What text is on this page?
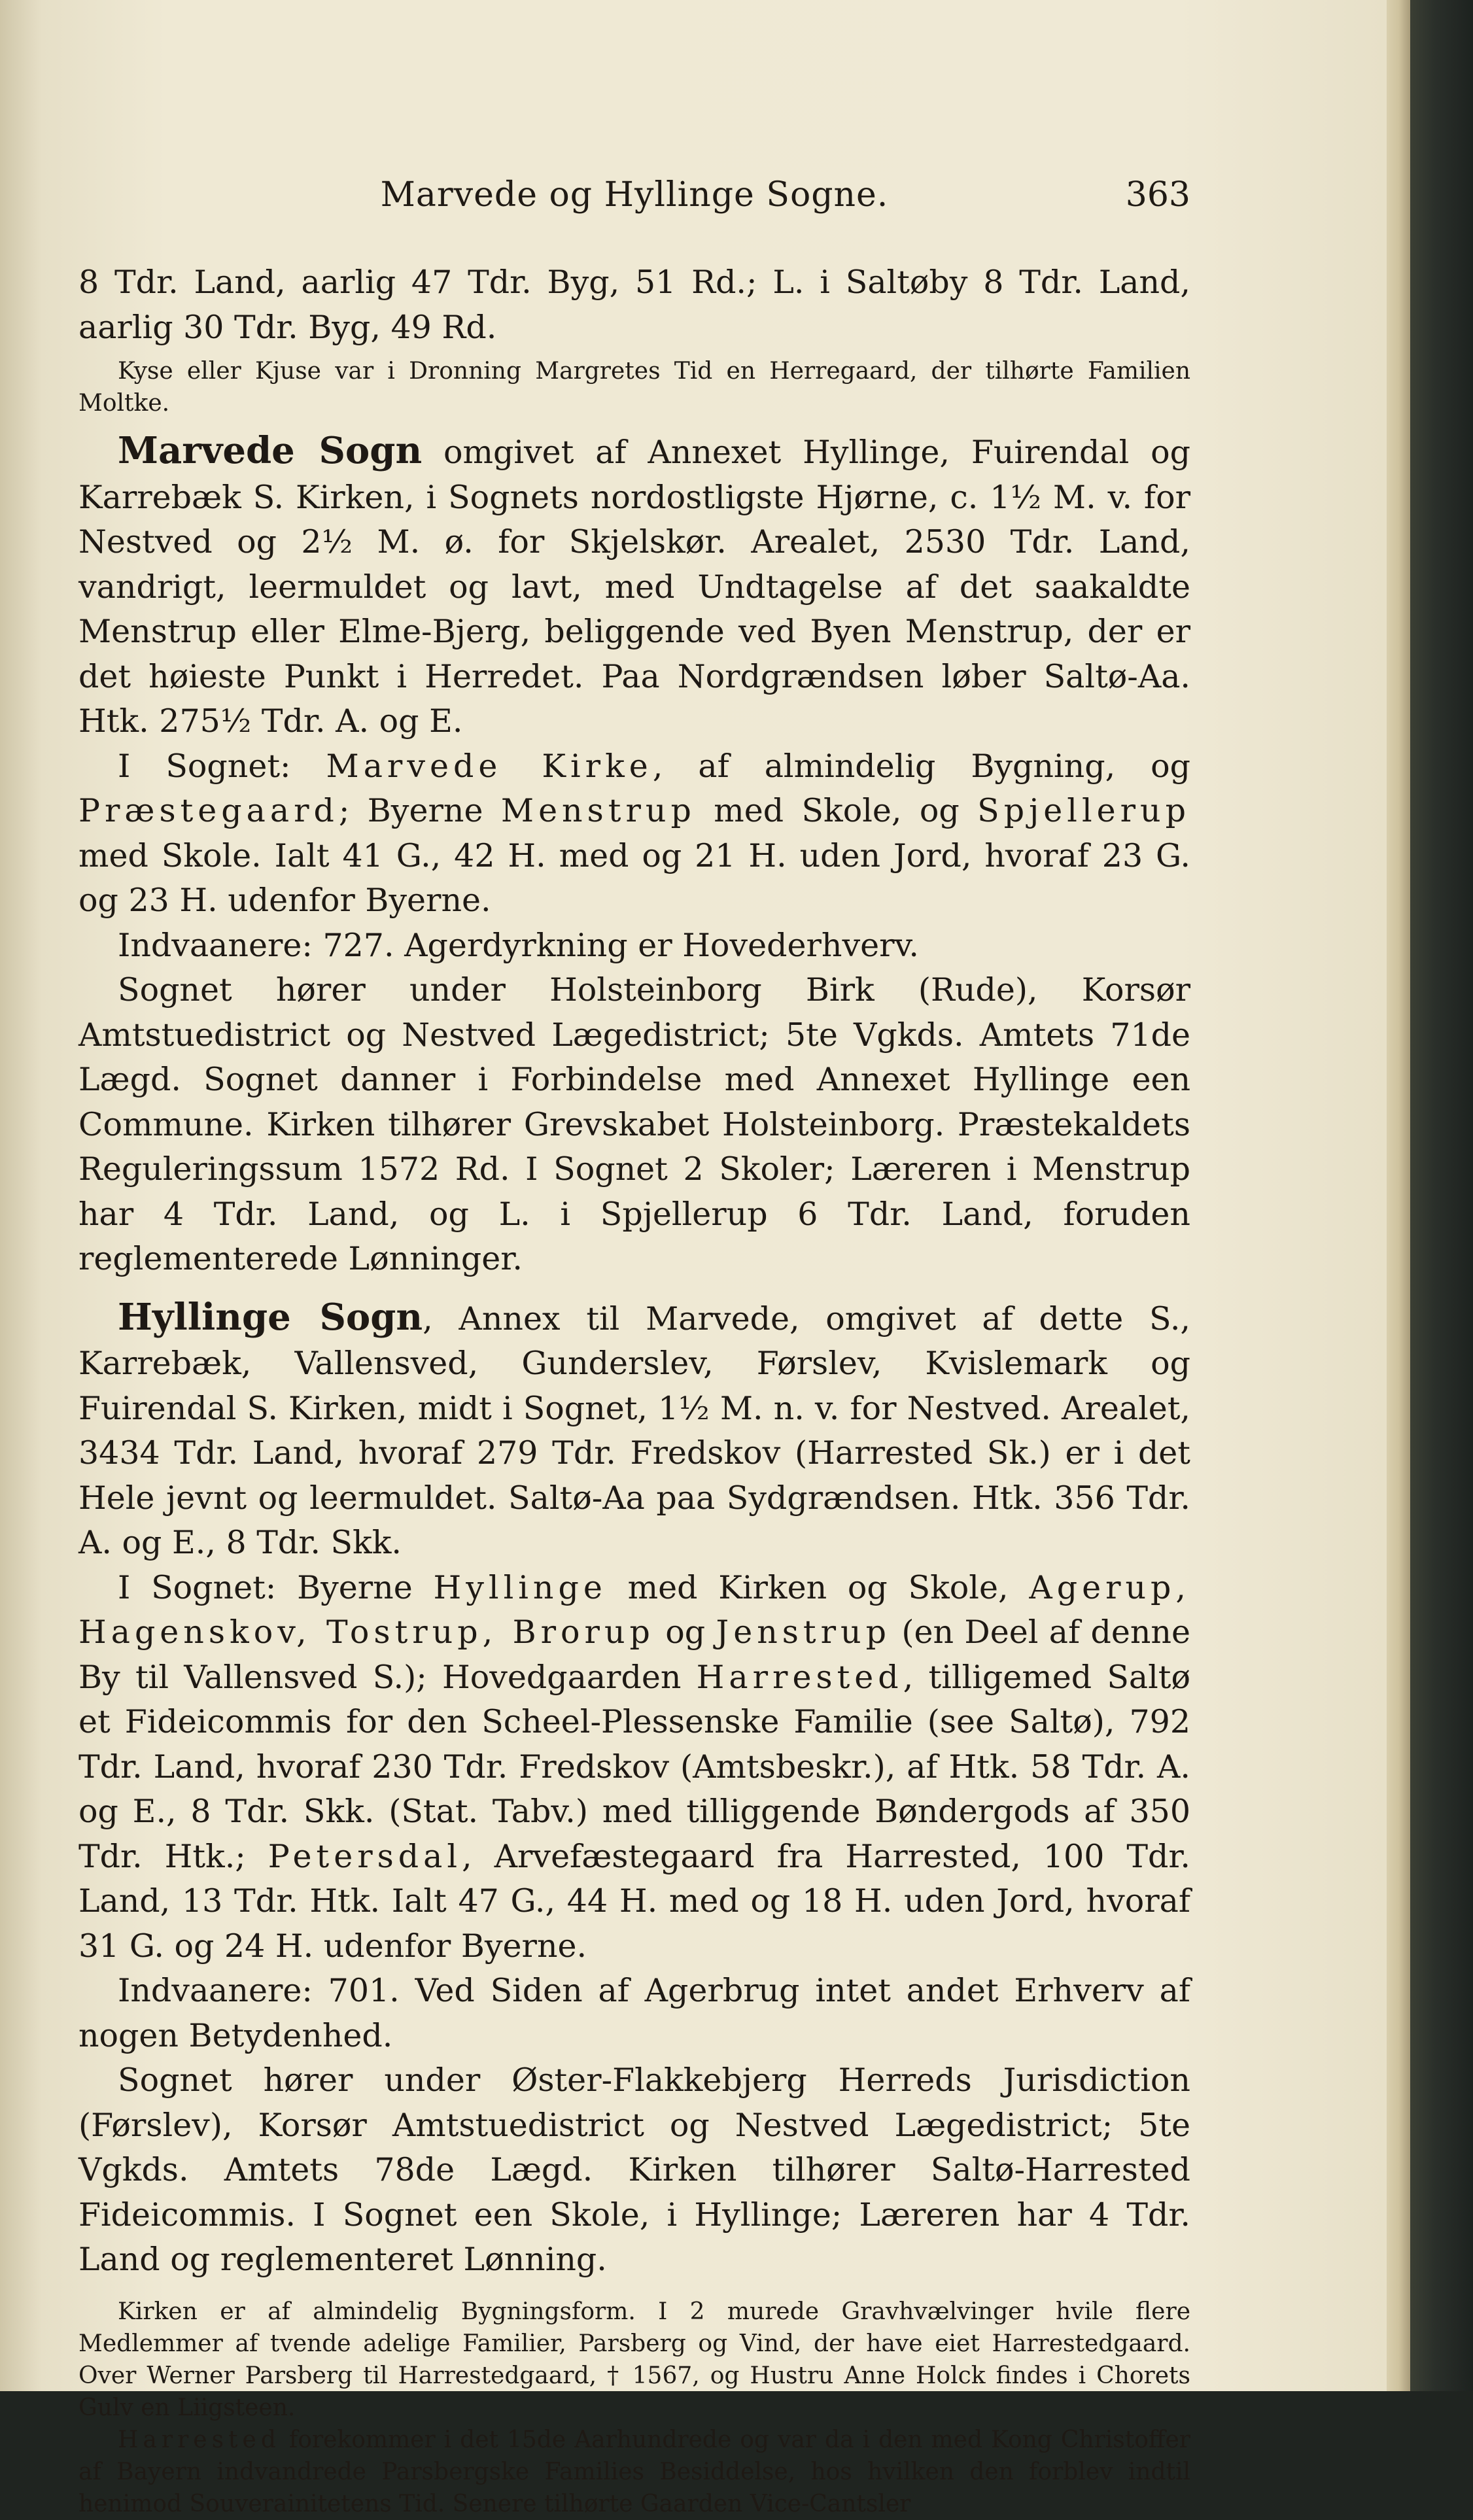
Marvede og Hyllinge Sogne.	363

8 Tdr. Land, aarlig 47 Tdr. Byg, 51 Rd.; L. i Saltøby 8 Tdr. Land, aarlig 30 Tdr. Byg, 49 Rd.

Kyse eller Kjuse var i Dronning Margretes Tid en Herregaard, der tilhørte Familien Moltke.

Marvede Sogn omgivet af Annexet Hyllinge, Fuirendal og Karrebæk S. Kirken, i Sognets nordostligste Hjørne, c. 1½ M. v. for Nestved og 2½ M. ø. for Skjelskør. Arealet, 2530 Tdr. Land, vandrigt, leermuldet og lavt, med Undtagelse af det saakaldte Menstrup eller Elme-Bjerg, beliggende ved Byen Menstrup, der er det høieste Punkt i Herredet. Paa Nordgrændsen løber Saltø-Aa. Htk. 275½ Tdr. A. og E.

I Sognet: Marvede Kirke, af almindelig Bygning, og Præstegaard; Byerne Menstrup med Skole, og Spjellerup med Skole. Ialt 41 G., 42 H. med og 21 H. uden Jord, hvoraf 23 G. og 23 H. udenfor Byerne.

Indvaanere: 727. Agerdyrkning er Hovederhverv.

Sognet hører under Holsteinborg Birk (Rude), Korsør Amtstuedistrict og Nestved Lægedistrict; 5te Vgkds. Amtets 71de Lægd. Sognet danner i Forbindelse med Annexet Hyllinge een Commune. Kirken tilhører Grevskabet Holsteinborg. Præstekaldets Reguleringssum 1572 Rd. I Sognet 2 Skoler; Læreren i Menstrup har 4 Tdr. Land, og L. i Spjellerup 6 Tdr. Land, foruden reglementerede Lønninger.

Hyllinge Sogn, Annex til Marvede, omgivet af dette S., Karrebæk, Vallensved, Gunderslev, Førslev, Kvislemark og Fuirendal S. Kirken, midt i Sognet, 1½ M. n. v. for Nestved. Arealet, 3434 Tdr. Land, hvoraf 279 Tdr. Fredskov (Harrested Sk.) er i det Hele jevnt og leermuldet. Saltø-Aa paa Sydgrændsen. Htk. 356 Tdr. A. og E., 8 Tdr. Skk.

I Sognet: Byerne Hyllinge med Kirken og Skole, Agerup, Hagenskov, Tostrup, Brorup og Jenstrup (en Deel af denne By til Vallensved S.); Hovedgaarden Harrested, tilligemed Saltø et Fideicommis for den Scheel-Plessenske Familie (see Saltø), 792 Tdr. Land, hvoraf 230 Tdr. Fredskov (Amtsbeskr.), af Htk. 58 Tdr. A. og E., 8 Tdr. Skk. (Stat. Tabv.) med tilliggende Bøndergods af 350 Tdr. Htk.; Petersdal, Arvefæstegaard fra Harrested, 100 Tdr. Land, 13 Tdr. Htk. Ialt 47 G., 44 H. med og 18 H. uden Jord, hvoraf 31 G. og 24 H. udenfor Byerne.

Indvaanere: 701. Ved Siden af Agerbrug intet andet Erhverv af nogen Betydenhed.

Sognet hører under Øster-Flakkebjerg Herreds Jurisdiction (Førslev), Korsør Amtstuedistrict og Nestved Lægedistrict; 5te Vgkds. Amtets 78de Lægd. Kirken tilhører Saltø-Harrested Fideicommis. I Sognet een Skole, i Hyllinge; Læreren har 4 Tdr. Land og reglementeret Lønning.

Kirken er af almindelig Bygningsform. I 2 murede Gravhvælvinger hvile flere Medlemmer af tvende adelige Familier, Parsberg og Vind, der have eiet Harrestedgaard. Over Werner Parsberg til Harrestedgaard, † 1567, og Hustru Anne Holck findes i Chorets Gulv en Liigsteen.

Harrested forekommer i det 15de Aarhundrede og var da i den med Kong Christoffer af Bayern indvandrede Parsbergske Families Besiddelse, hos hvilken den forblev indtil henimod Souverainitetens Tid. Senere tilhørte Gaarden Vice-Cantsler
